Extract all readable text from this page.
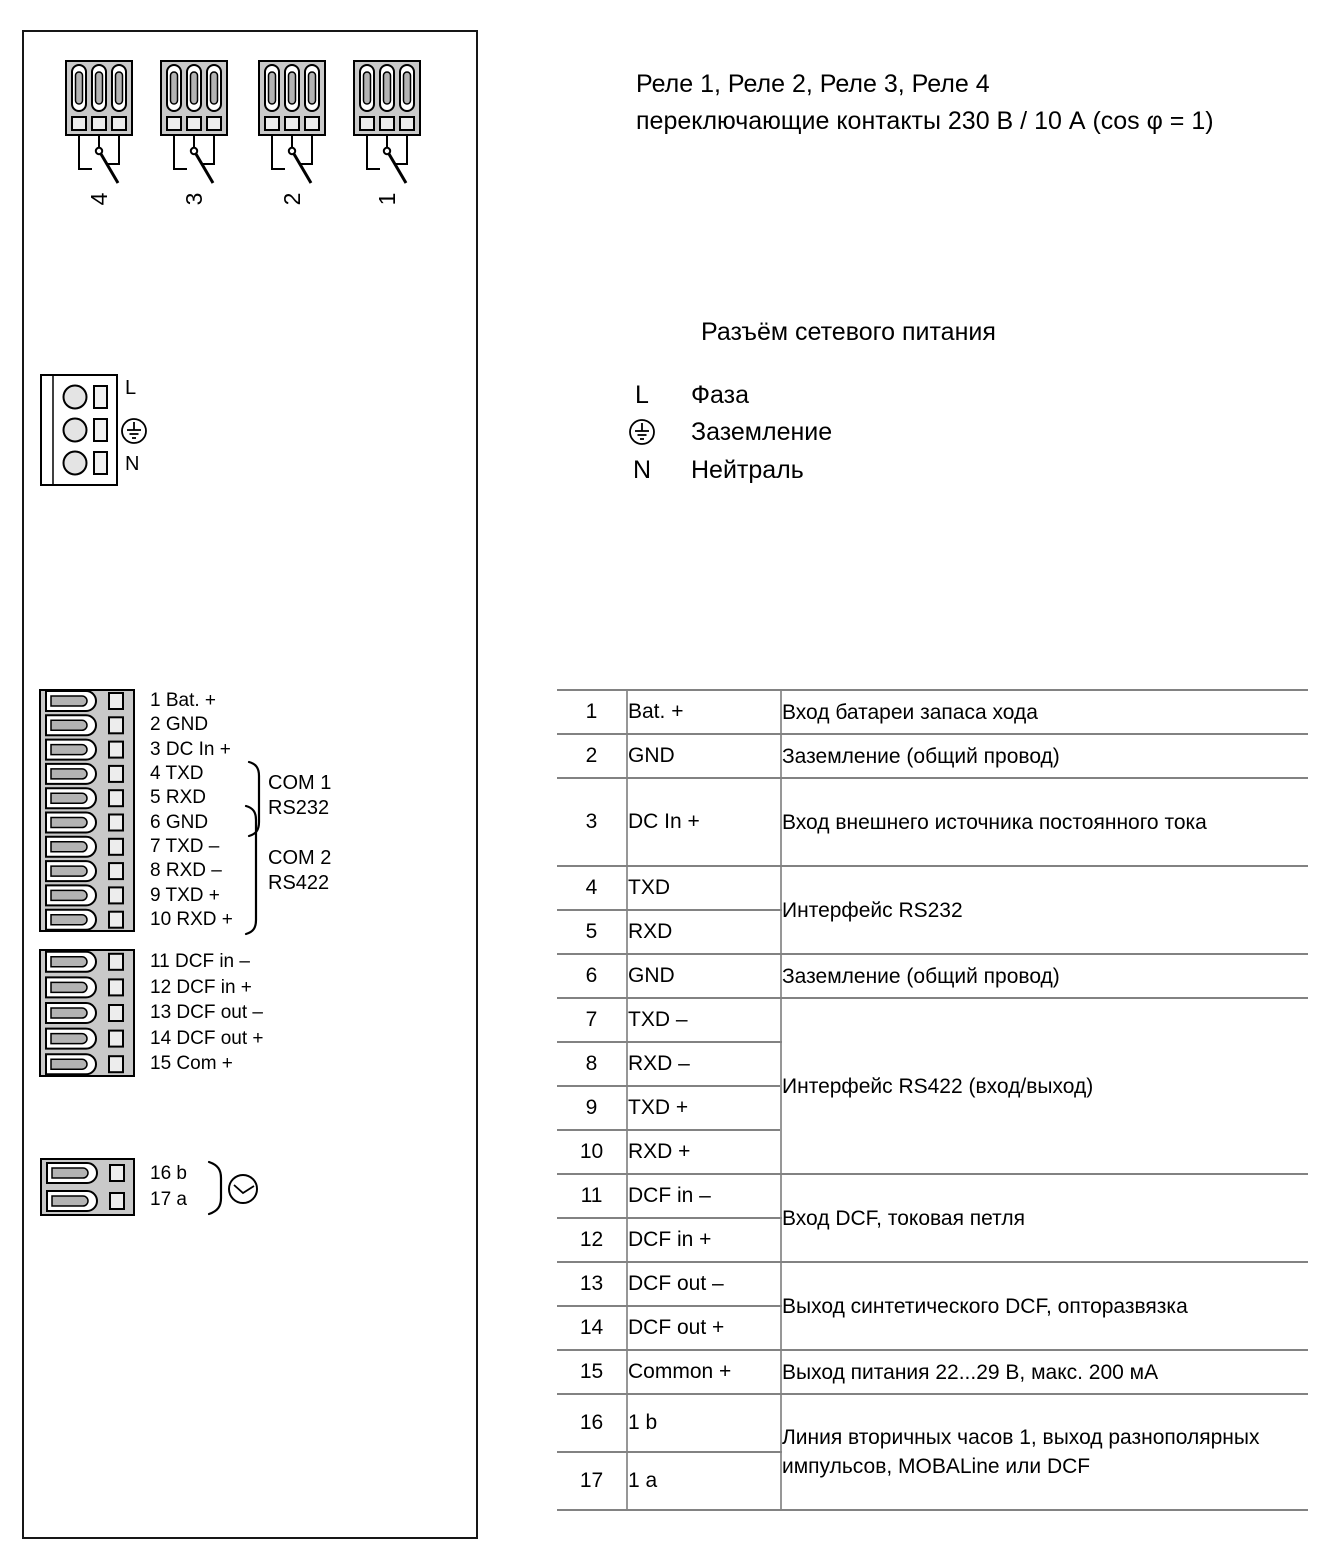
4	3	2	1
L
N
1 Bat. +
2 GND
3 DC In +
4 TXD
5 RXD
6 GND
7 TXD –
8 RXD –
9 TXD +
10 RXD +
COM 1
RS232
COM 2
RS422
11 DCF in –
12 DCF in +
13 DCF out –
14 DCF out +
15 Com +
16 b
17 a
Реле 1, Реле 2, Реле 3, Реле 4
переключающие контакты 230 В / 10 А (cos φ = 1)
Разъём сетевого питания
L	Фаза
Заземление
N Нейтраль
1	Bat. +	Вход батареи запаса хода
2	GND	Заземление (общий провод)
3	DC In +	Вход внешнего источника постоянного тока
4	TXD	Интерфейс RS232
5	RXD	
6	GND	Заземление (общий провод)
7	TXD –	Интерфейс RS422 (вход/выход)
8	RXD –	
9	TXD +	
10	RXD +	
11	DCF in –	Вход DCF, токовая петля
12	DCF in +	
13	DCF out –	Выход синтетического DCF, опторазвязка
14	DCF out +	
15	Common +	Выход питания 22...29 В, макс. 200 мА
16	1 b	Линия вторичных часов 1, выход разнополярных импульсов, MOBALine или DCF
17	1 a	
